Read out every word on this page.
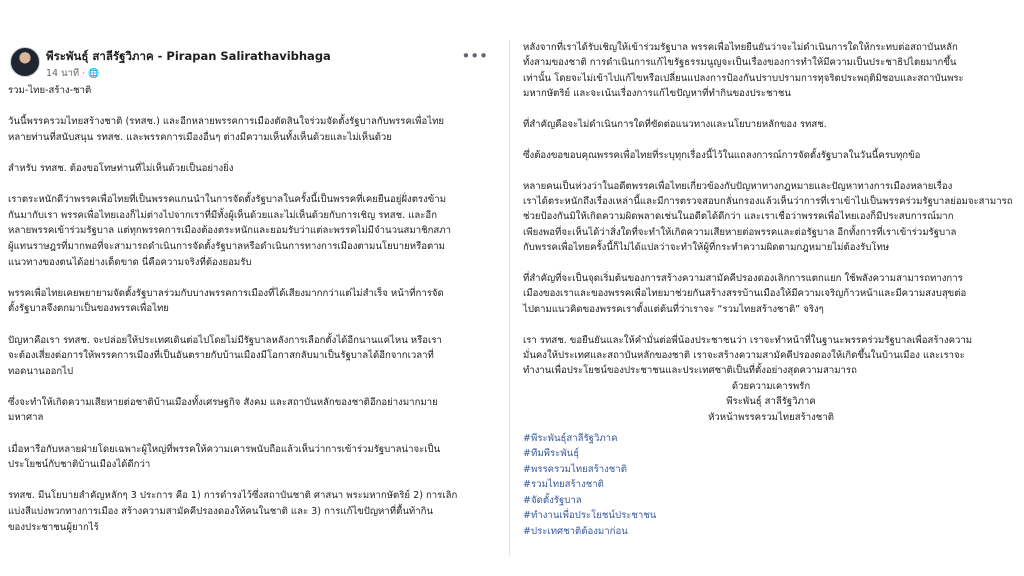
พีระพันธุ์ สาลีรัฐวิภาค - Pirapan Salirathavibhaga
14 นาที · 🌐
•••

รวม-ไทย-สร้าง-ชาติ

วันนี้พรรครวมไทยสร้างชาติ (รทสช.) และอีกหลายพรรคการเมืองตัดสินใจร่วมจัดตั้งรัฐบาลกับพรรคเพื่อไทย
หลายท่านที่สนับสนุน รทสช. และพรรคการเมืองอื่นๆ ต่างมีความเห็นทั้งเห็นด้วยและไม่เห็นด้วย

สำหรับ รทสช. ต้องขอโทษท่านที่ไม่เห็นด้วยเป็นอย่างยิ่ง

เราตระหนักดีว่าพรรคเพื่อไทยที่เป็นพรรคแกนนำในการจัดตั้งรัฐบาลในครั้งนี้เป็นพรรคที่เคยยืนอยู่ฝั่งตรงข้าม
กันมากับเรา พรรคเพื่อไทยเองก็ไม่ต่างไปจากเราที่มีทั้งผู้เห็นด้วยและไม่เห็นด้วยกับการเชิญ รทสช. และอีก
หลายพรรคเข้าร่วมรัฐบาล แต่ทุกพรรคการเมืองต้องตระหนักและยอมรับว่าแต่ละพรรคไม่มีจำนวนสมาชิกสภา
ผู้แทนราษฎรที่มากพอที่จะสามารถดำเนินการจัดตั้งรัฐบาลหรือดำเนินการทางการเมืองตามนโยบายหรือตาม
แนวทางของตนได้อย่างเด็ดขาด นี่คือความจริงที่ต้องยอมรับ

พรรคเพื่อไทยเคยพยายามจัดตั้งรัฐบาลร่วมกับบางพรรคการเมืองที่ได้เสียงมากกว่าแต่ไม่สำเร็จ หน้าที่การจัด
ตั้งรัฐบาลจึงตกมาเป็นของพรรคเพื่อไทย

ปัญหาคือเรา รทสช. จะปล่อยให้ประเทศเดินต่อไปโดยไม่มีรัฐบาลหลังการเลือกตั้งได้อีกนานแค่ไหน หรือเรา
จะต้องเสี่ยงต่อการให้พรรคการเมืองที่เป็นอันตรายกับบ้านเมืองมีโอกาสกลับมาเป็นรัฐบาลได้อีกจากเวลาที่
ทอดนานออกไป

ซึ่งจะทำให้เกิดความเสียหายต่อชาติบ้านเมืองทั้งเศรษฐกิจ สังคม และสถาบันหลักของชาติอีกอย่างมากมาย
มหาศาล

เมื่อหารือกับหลายฝ่ายโดยเฉพาะผู้ใหญ่ที่พรรคให้ความเคารพนับถือแล้วเห็นว่าการเข้าร่วมรัฐบาลน่าจะเป็น
ประโยชน์กับชาติบ้านเมืองได้ดีกว่า

รทสช. มีนโยบายสำคัญหลักๆ 3 ประการ คือ 1) การดำรงไว้ซึ่งสถาบันชาติ ศาสนา พระมหากษัตริย์ 2) การเลิก
แบ่งสีแบ่งพวกทางการเมือง สร้างความสามัคคีปรองดองให้คนในชาติ และ 3) การแก้ไขปัญหาที่ตื้นท้ากิน
ของประชาชนผู้ยากไร้

หลังจากที่เราได้รับเชิญให้เข้าร่วมรัฐบาล พรรคเพื่อไทยยืนยันว่าจะไม่ดำเนินการใดให้กระทบต่อสถาบันหลัก
ทั้งสามของชาติ การดำเนินการแก้ไขรัฐธรรมนูญจะเป็นเรื่องของการทำให้มีความเป็นประชาธิปไตยมากขึ้น
เท่านั้น โดยจะไม่เข้าไปแก้ไขหรือเปลี่ยนแปลงการป้องกันปราบปรามการทุจริตประพฤติมิชอบและสถาบันพระ
มหากษัตริย์ และจะเน้นเรื่องการแก้ไขปัญหาที่ทำกินของประชาชน

ที่สำคัญคือจะไม่ดำเนินการใดที่ขัดต่อแนวทางและนโยบายหลักของ รทสช.

ซึ่งต้องขอขอบคุณพรรคเพื่อไทยที่ระบุทุกเรื่องนี้ไว้ในแถลงการณ์การจัดตั้งรัฐบาลในวันนี้ครบทุกข้อ

หลายคนเป็นห่วงว่าในอดีตพรรคเพื่อไทยเกี่ยวข้องกับปัญหาทางกฎหมายและปัญหาทางการเมืองหลายเรื่อง
เราได้ตระหนักถึงเรื่องเหล่านี้และมีการตรวจสอบกลั่นกรองแล้วเห็นว่าการที่เราเข้าไปเป็นพรรคร่วมรัฐบาลย่อมจะสามารถ
ช่วยป้องกันมิให้เกิดความผิดพลาดเช่นในอดีตได้ดีกว่า และเราเชื่อว่าพรรคเพื่อไทยเองก็มีประสบการณ์มาก
เพียงพอที่จะเห็นได้ว่าสิ่งใดที่จะทำให้เกิดความเสียหายต่อพรรคและต่อรัฐบาล อีกทั้งการที่เราเข้าร่วมรัฐบาล
กับพรรคเพื่อไทยครั้งนี้ก็ไม่ได้แปลว่าจะทำให้ผู้ที่กระทำความผิดตามกฎหมายไม่ต้องรับโทษ

ที่สำคัญที่จะเป็นจุดเริ่มต้นของการสร้างความสามัคคีปรองดองเลิกการแตกแยก ใช้พลังความสามารถทางการ
เมืองของเราและของพรรคเพื่อไทยมาช่วยกันสร้างสรรบ้านเมืองให้มีความเจริญก้าวหน้าและมีความสงบสุขต่อ
ไปตามแนวคิดของพรรคเราตั้งแต่ต้นที่ว่าเราจะ “รวมไทยสร้างชาติ” จริงๆ

เรา รทสช. ขอยืนยันและให้คำมั่นต่อพี่น้องประชาชนว่า เราจะทำหน้าที่ในฐานะพรรคร่วมรัฐบาลเพื่อสร้างความ
มั่นคงให้ประเทศและสถาบันหลักของชาติ เราจะสร้างความสามัคคีปรองดองให้เกิดขึ้นในบ้านเมือง และเราจะ
ทำงานเพื่อประโยชน์ของประชาชนและประเทศชาติเป็นที่ตั้งอย่างสุดความสามารถ

ด้วยความเคารพรัก

พีระพันธุ์ สาลีรัฐวิภาค

หัวหน้าพรรครวมไทยสร้างชาติ

#พีระพันธุ์สาลีรัฐวิภาค

#ทีมพีระพันธุ์

#พรรครวมไทยสร้างชาติ

#รวมไทยสร้างชาติ

#จัดตั้งรัฐบาล

#ทำงานเพื่อประโยชน์ประชาชน

#ประเทศชาติต้องมาก่อน
